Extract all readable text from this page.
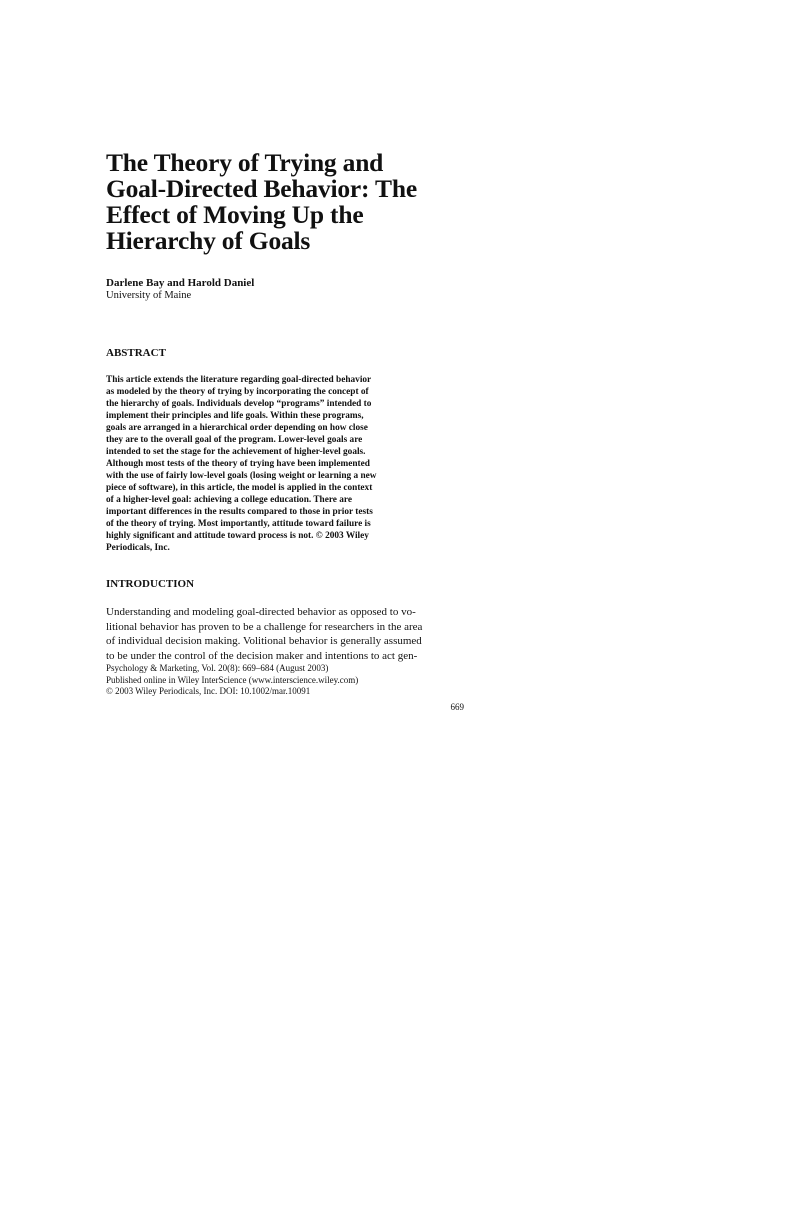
The Theory of Trying and
Goal-Directed Behavior: The
Effect of Moving Up the
Hierarchy of Goals
Darlene Bay and Harold Daniel
University of Maine
ABSTRACT
This article extends the literature regarding goal-directed behavior
as modeled by the theory of trying by incorporating the concept of
the hierarchy of goals. Individuals develop “programs” intended to
implement their principles and life goals. Within these programs,
goals are arranged in a hierarchical order depending on how close
they are to the overall goal of the program. Lower-level goals are
intended to set the stage for the achievement of higher-level goals.
Although most tests of the theory of trying have been implemented
with the use of fairly low-level goals (losing weight or learning a new
piece of software), in this article, the model is applied in the context
of a higher-level goal: achieving a college education. There are
important differences in the results compared to those in prior tests
of the theory of trying. Most importantly, attitude toward failure is
highly significant and attitude toward process is not. © 2003 Wiley
Periodicals, Inc.
INTRODUCTION
Understanding and modeling goal-directed behavior as opposed to vo-
litional behavior has proven to be a challenge for researchers in the area
of individual decision making. Volitional behavior is generally assumed
to be under the control of the decision maker and intentions to act gen-
Psychology & Marketing, Vol. 20(8): 669–684 (August 2003)
Published online in Wiley InterScience (www.interscience.wiley.com)
© 2003 Wiley Periodicals, Inc. DOI: 10.1002/mar.10091
669
